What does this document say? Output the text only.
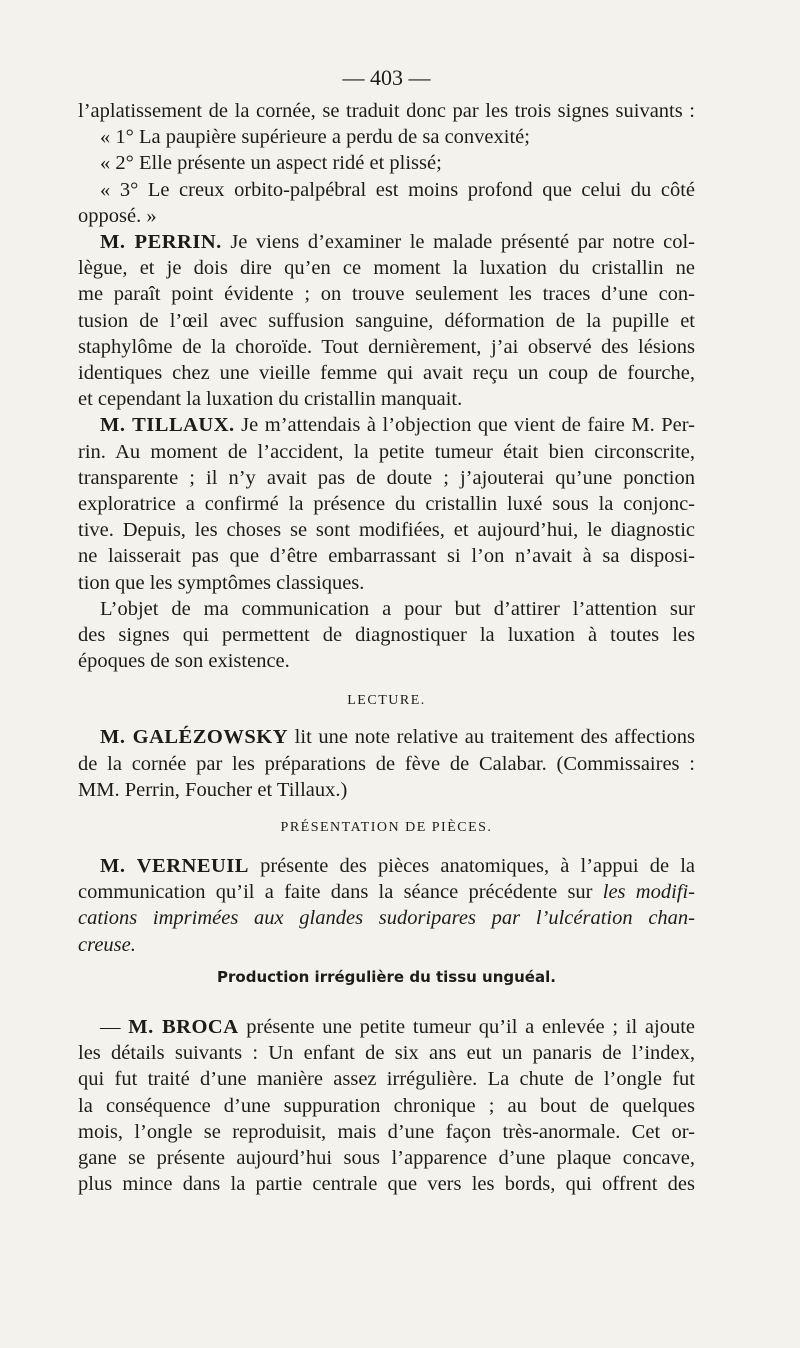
— 403 —
l’aplatissement de la cornée, se traduit donc par les trois signes suivants :
« 1° La paupière supérieure a perdu de sa convexité;
« 2° Elle présente un aspect ridé et plissé;
« 3° Le creux orbito-palpébral est moins profond que celui du côté
opposé. »
M. PERRIN. Je viens d’examiner le malade présenté par notre col-
lègue, et je dois dire qu’en ce moment la luxation du cristallin ne
me paraît point évidente ; on trouve seulement les traces d’une con-
tusion de l’œil avec suffusion sanguine, déformation de la pupille et
staphylôme de la choroïde. Tout dernièrement, j’ai observé des lésions
identiques chez une vieille femme qui avait reçu un coup de fourche,
et cependant la luxation du cristallin manquait.
M. TILLAUX. Je m’attendais à l’objection que vient de faire M. Per-
rin. Au moment de l’accident, la petite tumeur était bien circonscrite,
transparente ; il n’y avait pas de doute ; j’ajouterai qu’une ponction
exploratrice a confirmé la présence du cristallin luxé sous la conjonc-
tive. Depuis, les choses se sont modifiées, et aujourd’hui, le diagnostic
ne laisserait pas que d’être embarrassant si l’on n’avait à sa disposi-
tion que les symptômes classiques.
L’objet de ma communication a pour but d’attirer l’attention sur
des signes qui permettent de diagnostiquer la luxation à toutes les
époques de son existence.
LECTURE.
M. GALÉZOWSKY lit une note relative au traitement des affections
de la cornée par les préparations de fève de Calabar. (Commissaires :
MM. Perrin, Foucher et Tillaux.)
PRÉSENTATION DE PIÈCES.
M. VERNEUIL présente des pièces anatomiques, à l’appui de la
communication qu’il a faite dans la séance précédente sur les modifi-
cations imprimées aux glandes sudoripares par l’ulcération chan-
creuse.
Production irrégulière du tissu unguéal.
— M. BROCA présente une petite tumeur qu’il a enlevée ; il ajoute
les détails suivants : Un enfant de six ans eut un panaris de l’index,
qui fut traité d’une manière assez irrégulière. La chute de l’ongle fut
la conséquence d’une suppuration chronique ; au bout de quelques
mois, l’ongle se reproduisit, mais d’une façon très-anormale. Cet or-
gane se présente aujourd’hui sous l’apparence d’une plaque concave,
plus mince dans la partie centrale que vers les bords, qui offrent des
